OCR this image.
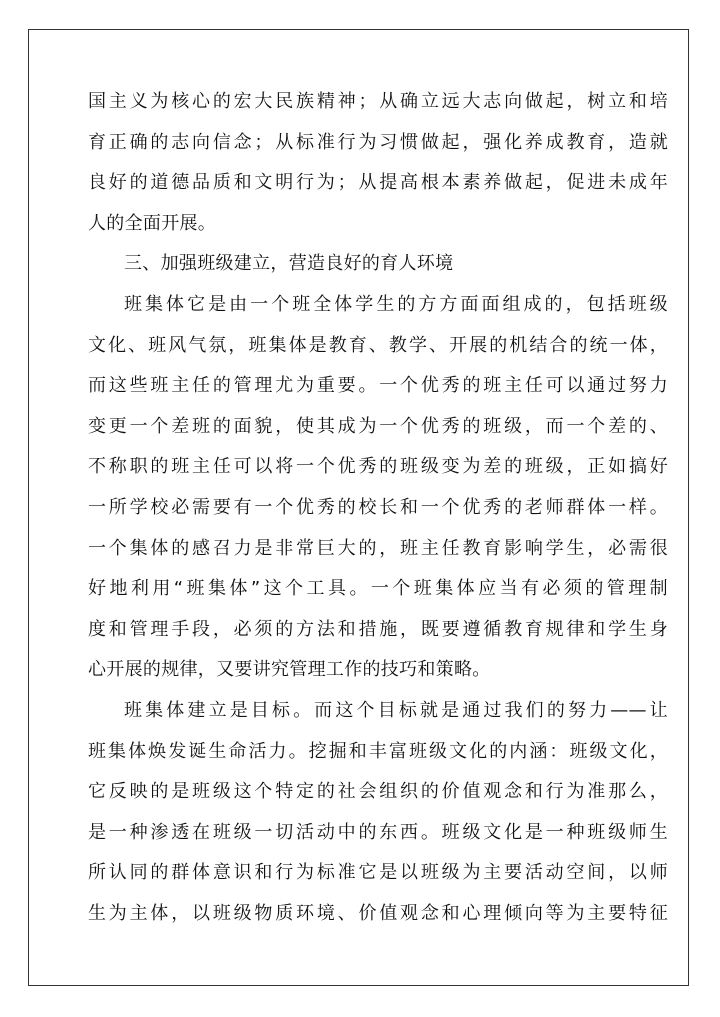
国主义为核心的宏大民族精神；从确立远大志向做起，树立和培
育正确的志向信念；从标准行为习惯做起，强化养成教育，造就
良好的道德品质和文明行为；从提高根本素养做起，促进未成年
人的全面开展。
三、加强班级建立，营造良好的育人环境
班集体它是由一个班全体学生的方方面面组成的，包括班级
文化、班风气氛，班集体是教育、教学、开展的机结合的统一体，
而这些班主任的管理尤为重要。一个优秀的班主任可以通过努力
变更一个差班的面貌，使其成为一个优秀的班级，而一个差的、
不称职的班主任可以将一个优秀的班级变为差的班级，正如搞好
一所学校必需要有一个优秀的校长和一个优秀的老师群体一样。
一个集体的感召力是非常巨大的，班主任教育影响学生，必需很
好地利用“班集体”这个工具。一个班集体应当有必须的管理制
度和管理手段，必须的方法和措施，既要遵循教育规律和学生身
心开展的规律，又要讲究管理工作的技巧和策略。
班集体建立是目标。而这个目标就是通过我们的努力——让
班集体焕发诞生命活力。挖掘和丰富班级文化的内涵：班级文化，
它反映的是班级这个特定的社会组织的价值观念和行为准那么，
是一种渗透在班级一切活动中的东西。班级文化是一种班级师生
所认同的群体意识和行为标准它是以班级为主要活动空间，以师
生为主体，以班级物质环境、价值观念和心理倾向等为主要特征
